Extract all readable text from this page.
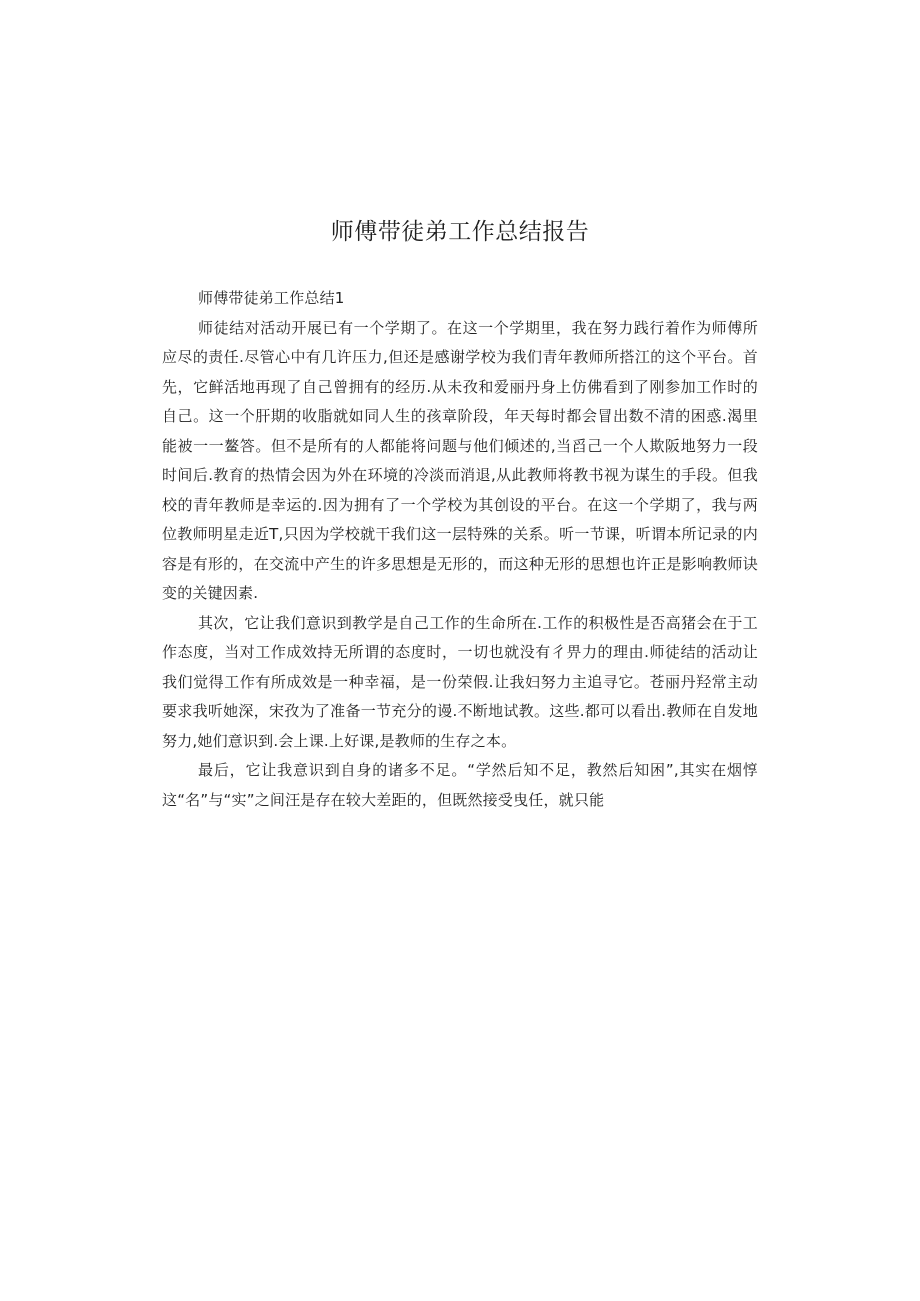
师傅带徒弟工作总结报告

师傅带徒弟工作总结1

师徒结对活动开展已有一个学期了。在这一个学期里，我在努力践行着作为师傅所应尽的责任.尽管心中有几许压力,但还是感谢学校为我们青年教师所搭江的这个平台。首先，它鲜活地再现了自己曾拥有的经历.从未孜和爱丽丹身上仿佛看到了刚参加工作时的自己。这一个肝期的收脂就如同人生的孩章阶段，年天每时都会冒出数不清的困惑.渴里能被一一鳌答。但不是所有的人都能将问题与他们倾述的,当舀己一个人欺阪地努力一段时间后.教育的热情会因为外在环境的冷淡而消退,从此教师将教书视为谋生的手段。但我校的青年教师是幸运的.因为拥有了一个学校为其创设的平台。在这一个学期了，我与两位教师明星走近T,只因为学校就干我们这一层特殊的关系。听一节课，听谓本所记录的内容是有形的，在交流中产生的许多思想是无形的，而这种无形的思想也许正是影响教师诀变的关键因素.

其次，它让我们意识到教学是自己工作的生命所在.工作的积极性是否高猪会在于工作态度，当对工作成效持无所谓的态度时，一切也就没有彳畀力的理由.师徒结的活动让我们觉得工作有所成效是一种幸福，是一份荣假.让我妇努力主追寻它。苍丽丹羟常主动要求我听她深，宋孜为了准备一节充分的谩.不断地试教。这些.都可以看出.教师在自发地努力,她们意识到.会上课.上好课,是教师的生存之本。

最后，它让我意识到自身的诸多不足。“学然后知不足，教然后知困”,其实在烟惇这“名”与“实”之间汪是存在较大差距的，但既然接受曳任，就只能
